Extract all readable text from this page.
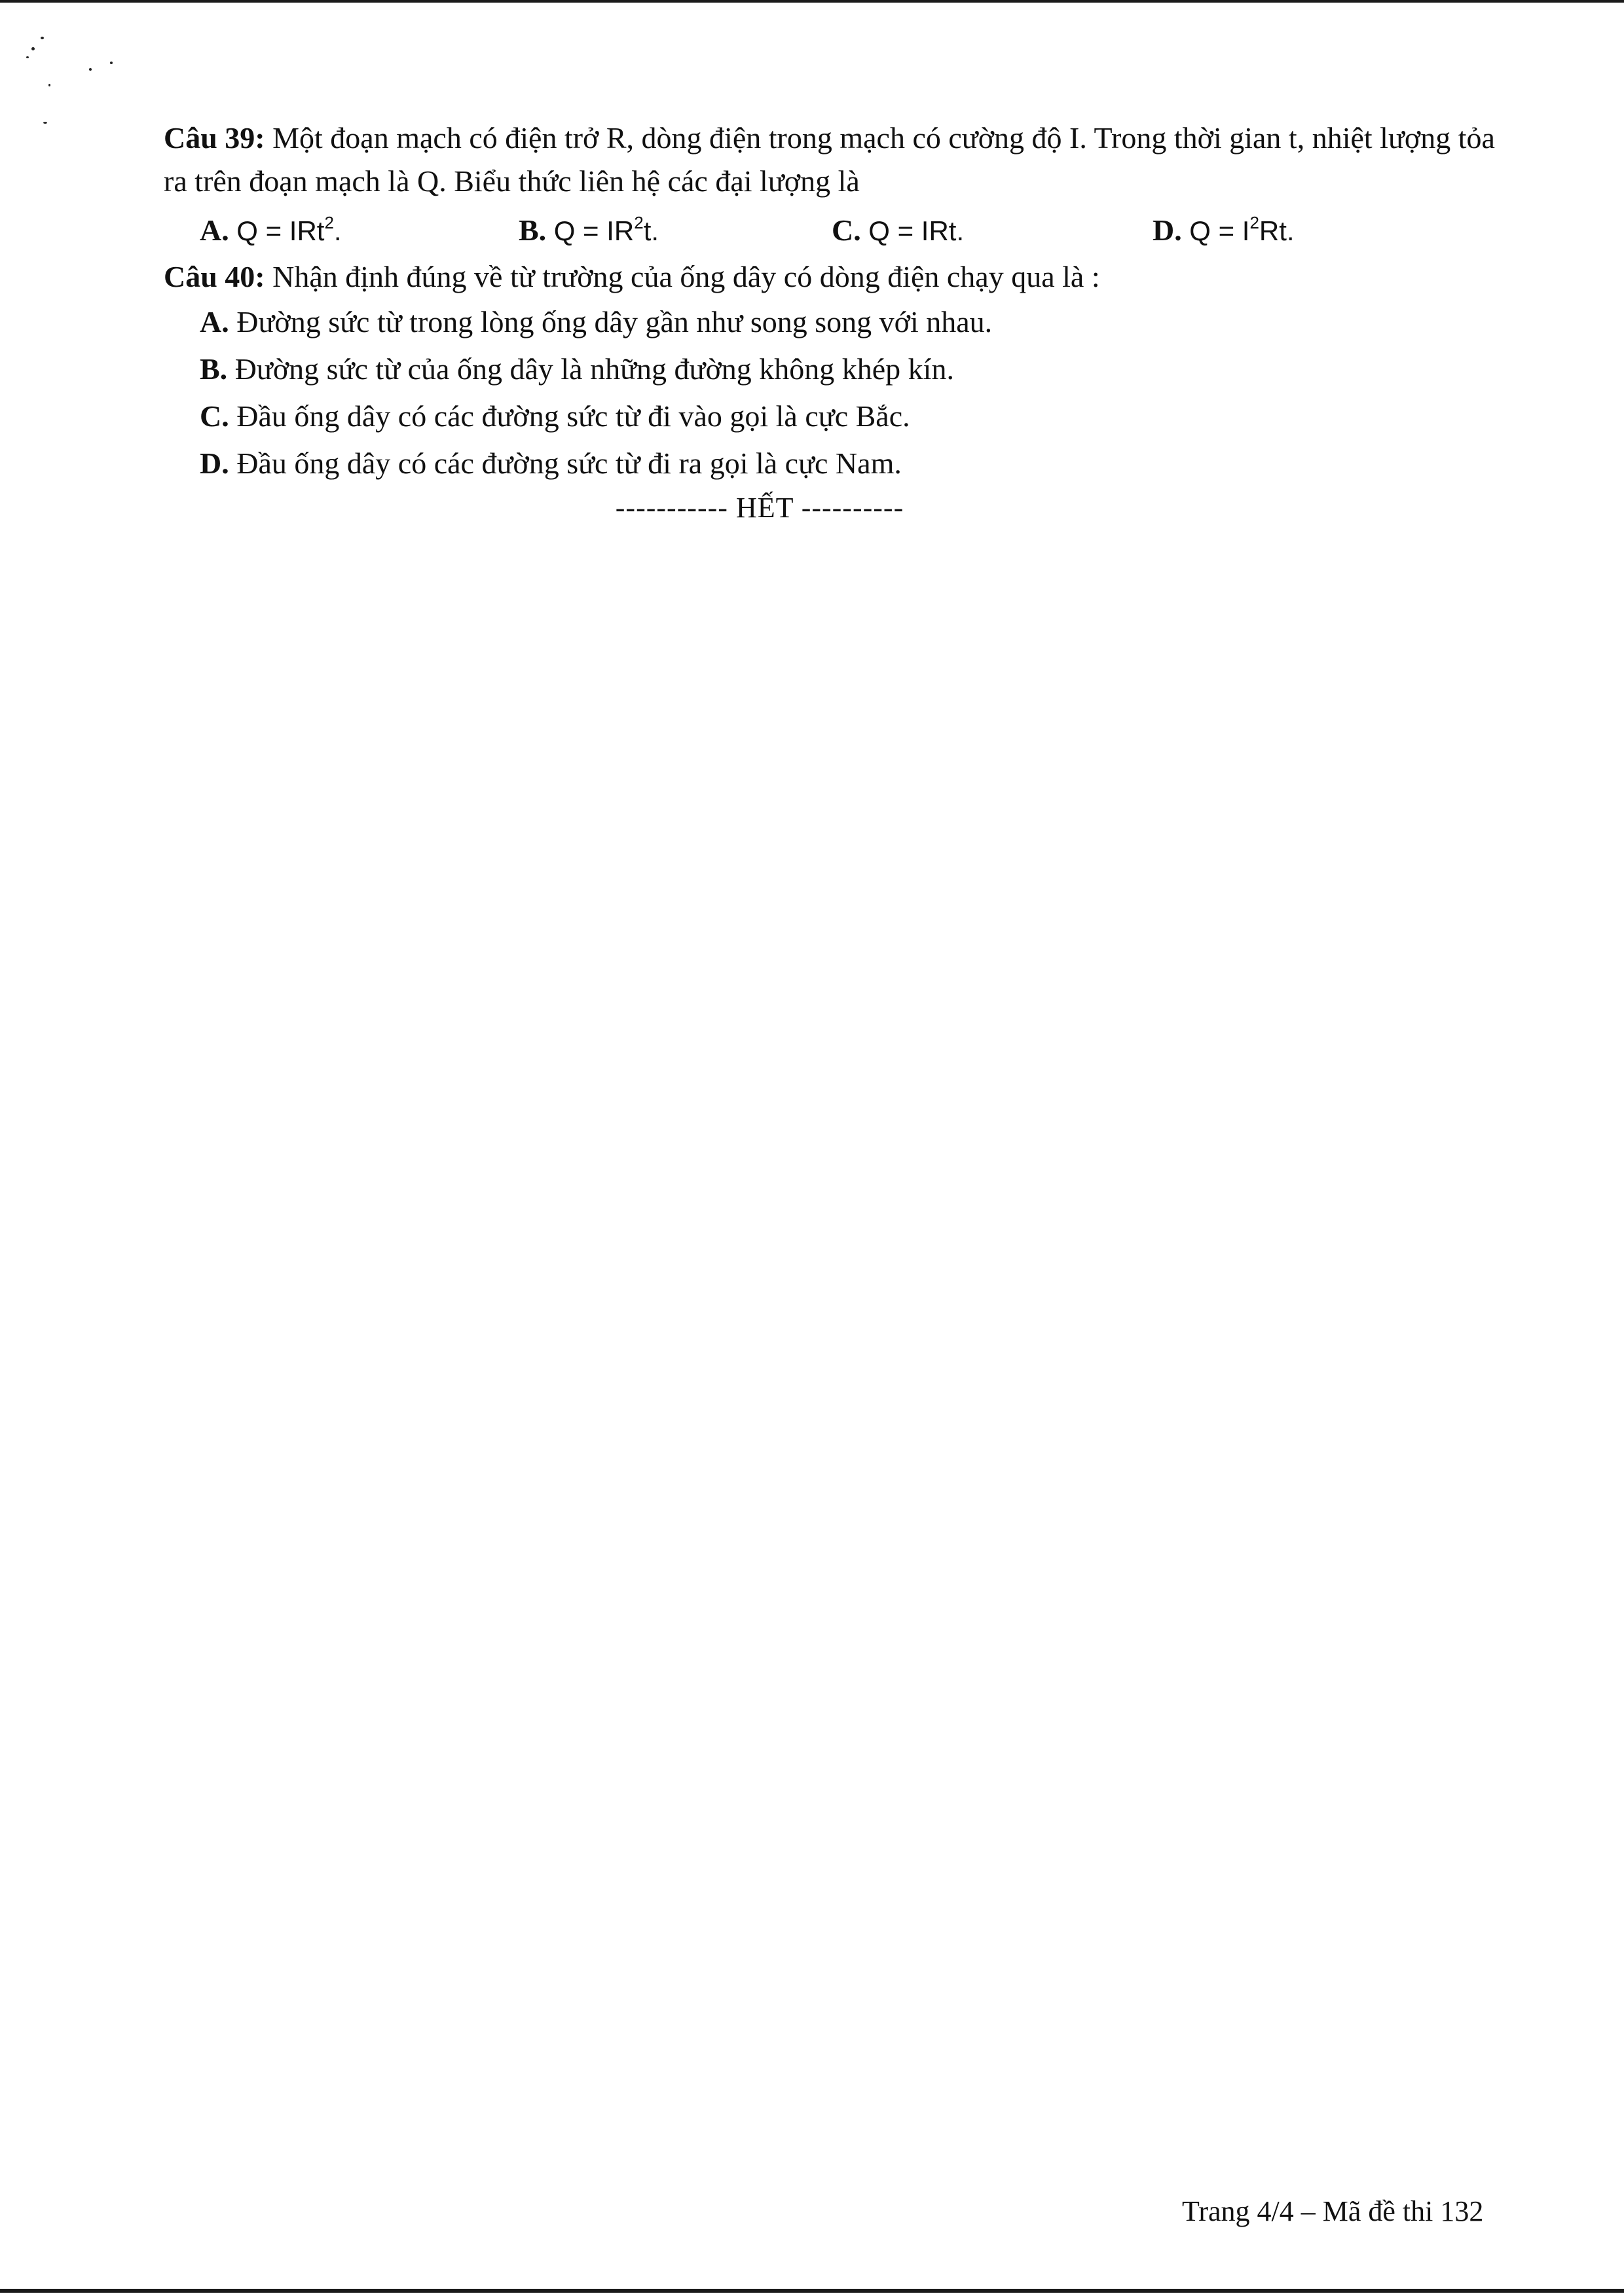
Câu 39: Một đoạn mạch có điện trở R, dòng điện trong mạch có cường độ I. Trong thời gian t, nhiệt lượng tỏa ra trên đoạn mạch là Q. Biểu thức liên hệ các đại lượng là

A. Q = IRt$^2$.	B. $Q = IR^2t$.	C. Q = IRt.	D. $Q = I^2Rt$.

Câu 40: Nhận định đúng về từ trường của ống dây có dòng điện chạy qua là :

A. Đường sức từ trong lòng ống dây gần như song song với nhau.
B. Đường sức từ của ống dây là những đường không khép kín.
C. Đầu ống dây có các đường sức từ đi vào gọi là cực Bắc.
D. Đầu ống dây có các đường sức từ đi ra gọi là cực Nam.
----------- HẾT ----------
Trang 4/4 – Mã đề thi 132
